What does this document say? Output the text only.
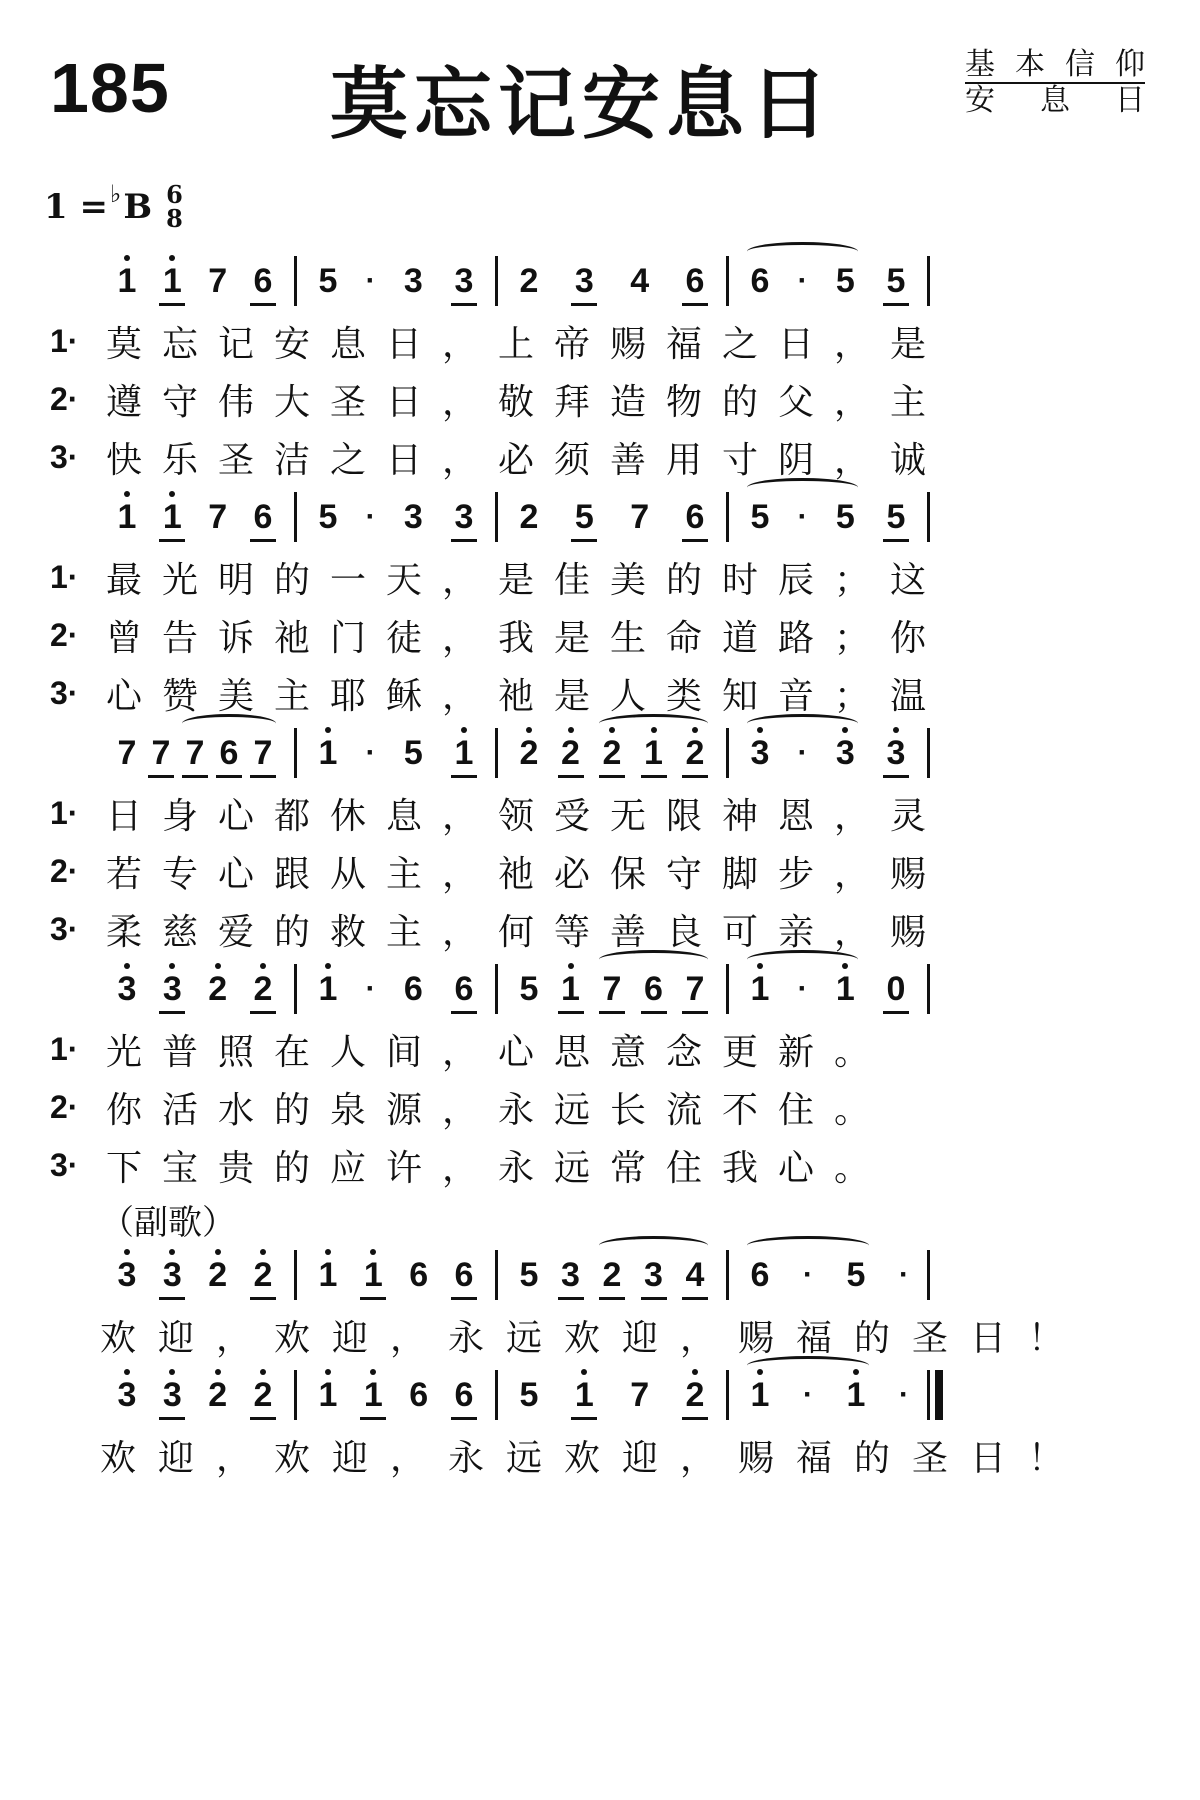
185 莫忘记安息日	基 本 信 仰
安 息 日
1 = ♭ B 6
8
1 1 7 6 5 · 3 3 2 3 4 6 6 · 5 5
1· 莫忘记安息日，上帝赐福之日，是
2· 遵守伟大圣日，敬拜造物的父，主
3· 快乐圣洁之日，必须善用寸阴，诚
1 1 7 6 5 · 3 3 2 5 7 6 5 · 5 5
1· 最光明的一天，是佳美的时辰；这
2· 曾告诉祂门徒，我是生命道路；你
3· 心赞美主耶稣，祂是人类知音；温
7 7 7 6 7 1 · 5 1 2 2 2 1 2 3 · 3 3
1· 日身心都休息，领受无限神恩，灵
2· 若专心跟从主，祂必保守脚步，赐
3· 柔慈爱的救主，何等善良可亲，赐
3 3 2 2 1 · 6 6 5 1 7 6 7 1 · 1 0
1· 光普照在人间，心思意念更新。
2· 你活水的泉源，永远长流不住。
3· 下宝贵的应许，永远常住我心。
（副歌）
3 3 2 2 1 1 6 6 5 3 2 3 4 6 · 5 ·
欢迎，欢迎，永远欢迎，赐福的圣日！
3 3 2 2 1 1 6 6 5 1 7 2 1 · 1 ·
欢迎，欢迎，永远欢迎，赐福的圣日！
